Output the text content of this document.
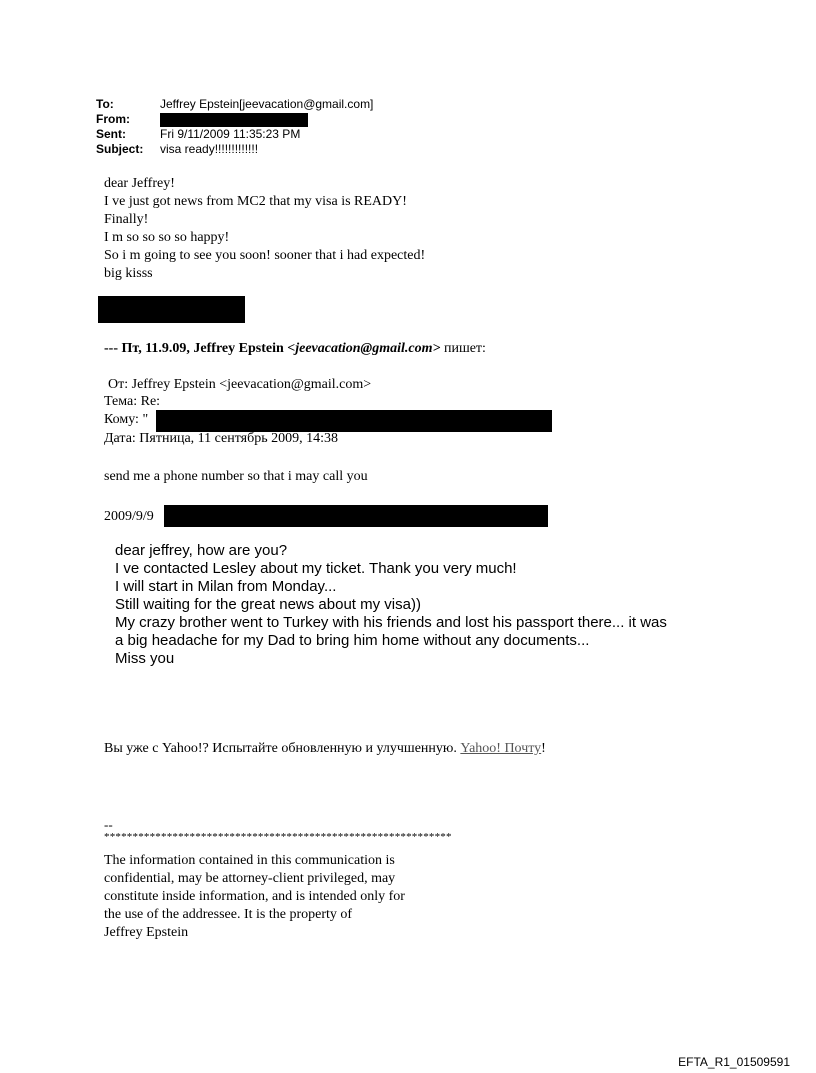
To:	Jeffrey Epstein[jeevacation@gmail.com]
From:
Sent:	Fri 9/11/2009 11:35:23 PM
Subject: visa ready!!!!!!!!!!!!!
dear Jeffrey!
I ve just got news from MC2 that my visa is READY!
Finally!
I m so so so so happy!
So i m going to see you soon! sooner that i had expected!
big kisss
--- Пт, 11.9.09, Jeffrey Epstein <jeevacation@gmail.com> пишет:
От: Jeffrey Epstein <jeevacation@gmail.com>
Тема: Re:
Кому: "
Дата: Пятница, 11 сентябрь 2009, 14:38
send me a phone number so that i may call you
2009/9/9
dear jeffrey, how are you?
I ve contacted Lesley about my ticket. Thank you very much!
I will start in Milan from Monday...
Still waiting for the great news about my visa))
My crazy brother went to Turkey with his friends and lost his passport there... it was
a big headache for my Dad to bring him home without any documents...
Miss you
Вы уже с Yahoo!? Испытайте обновленную и улучшенную. Yahoo! Почту!
--
*************************************************************
The information contained in this communication is
confidential, may be attorney-client privileged, may
constitute inside information, and is intended only for
the use of the addressee. It is the property of
Jeffrey Epstein
EFTA_R1_01509591
